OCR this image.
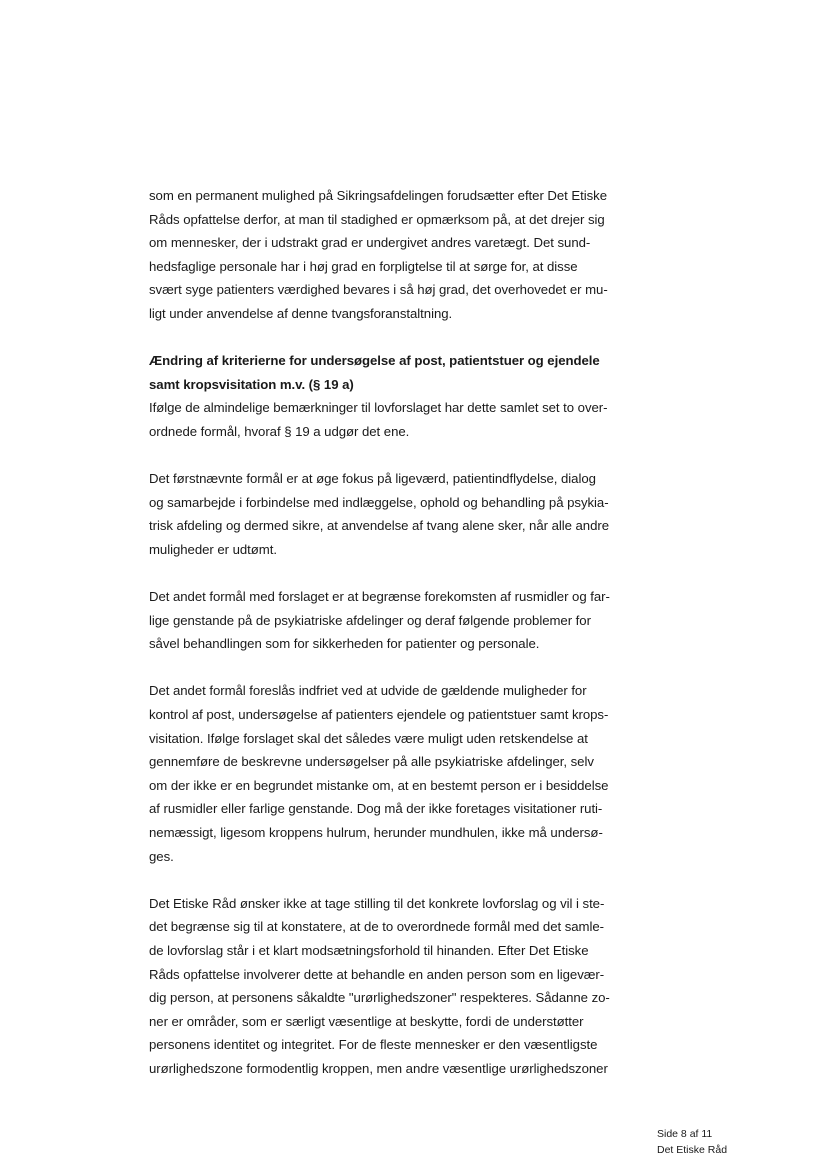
som en permanent mulighed på Sikringsafdelingen forudsætter efter Det Etiske
Råds opfattelse derfor, at man til stadighed er opmærksom på, at det drejer sig
om mennesker, der i udstrakt grad er undergivet andres varetægt. Det sund-
hedsfaglige personale har i høj grad en forpligtelse til at sørge for, at disse
svært syge patienters værdighed bevares i så høj grad, det overhovedet er mu-
ligt under anvendelse af denne tvangsforanstaltning.
Ændring af kriterierne for undersøgelse af post, patientstuer og ejendele
samt kropsvisitation m.v. (§ 19 a)
Ifølge de almindelige bemærkninger til lovforslaget har dette samlet set to over-
ordnede formål, hvoraf § 19 a udgør det ene.
Det førstnævnte formål er at øge fokus på ligeværd, patientindflydelse, dialog
og samarbejde i forbindelse med indlæggelse, ophold og behandling på psykia-
trisk afdeling og dermed sikre, at anvendelse af tvang alene sker, når alle andre
muligheder er udtømt.
Det andet formål med forslaget er at begrænse forekomsten af rusmidler og far-
lige genstande på de psykiatriske afdelinger og deraf følgende problemer for
såvel behandlingen som for sikkerheden for patienter og personale.
Det andet formål foreslås indfriet ved at udvide de gældende muligheder for
kontrol af post, undersøgelse af patienters ejendele og patientstuer samt krops-
visitation. Ifølge forslaget skal det således være muligt uden retskendelse at
gennemføre de beskrevne undersøgelser på alle psykiatriske afdelinger, selv
om der ikke er en begrundet mistanke om, at en bestemt person er i besiddelse
af rusmidler eller farlige genstande. Dog må der ikke foretages visitationer ruti-
nemæssigt, ligesom kroppens hulrum, herunder mundhulen, ikke må undersø-
ges.
Det Etiske Råd ønsker ikke at tage stilling til det konkrete lovforslag og vil i ste-
det begrænse sig til at konstatere, at de to overordnede formål med det samle-
de lovforslag står i et klart modsætningsforhold til hinanden. Efter Det Etiske
Råds opfattelse involverer dette at behandle en anden person som en ligevær-
dig person, at personens såkaldte "urørlighedszoner" respekteres. Sådanne zo-
ner er områder, som er særligt væsentlige at beskytte, fordi de understøtter
personens identitet og integritet. For de fleste mennesker er den væsentligste
urørlighedszone formodentlig kroppen, men andre væsentlige urørlighedszoner
Side 8 af 11
Det Etiske Råd
